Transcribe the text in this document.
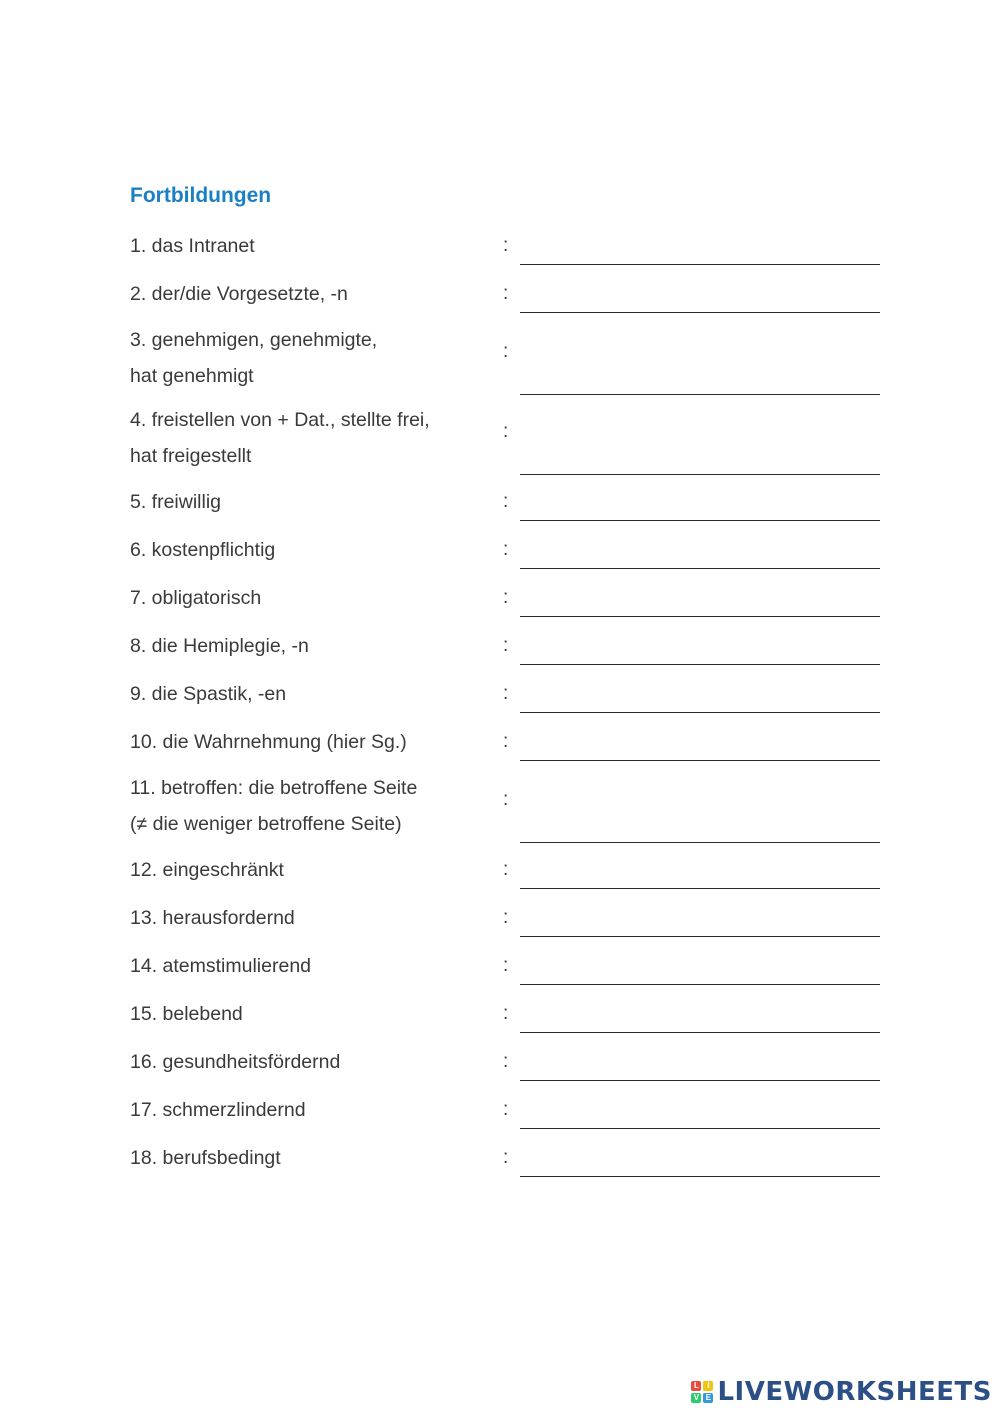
Fortbildungen
1. das Intranet	:
2. der/die Vorgesetzte, -n	:
3. genehmigen, genehmigte,
hat genehmigt
:
4. freistellen von + Dat., stellte frei,
hat freigestellt
:
5. freiwillig	:
6. kostenpflichtig	:
7. obligatorisch	:
8. die Hemiplegie, -n	:
9. die Spastik, -en	:
10. die Wahrnehmung (hier Sg.)	:
11. betroffen: die betroffene Seite
(≠ die weniger betroffene Seite)
:
12. eingeschränkt	:
13. herausfordernd	:
14. atemstimulierend	:
15. belebend	:
16. gesundheitsfördernd	:
17. schmerzlindernd	:
18. berufsbedingt	:
L	I
V E LIVEWORKSHEETS
